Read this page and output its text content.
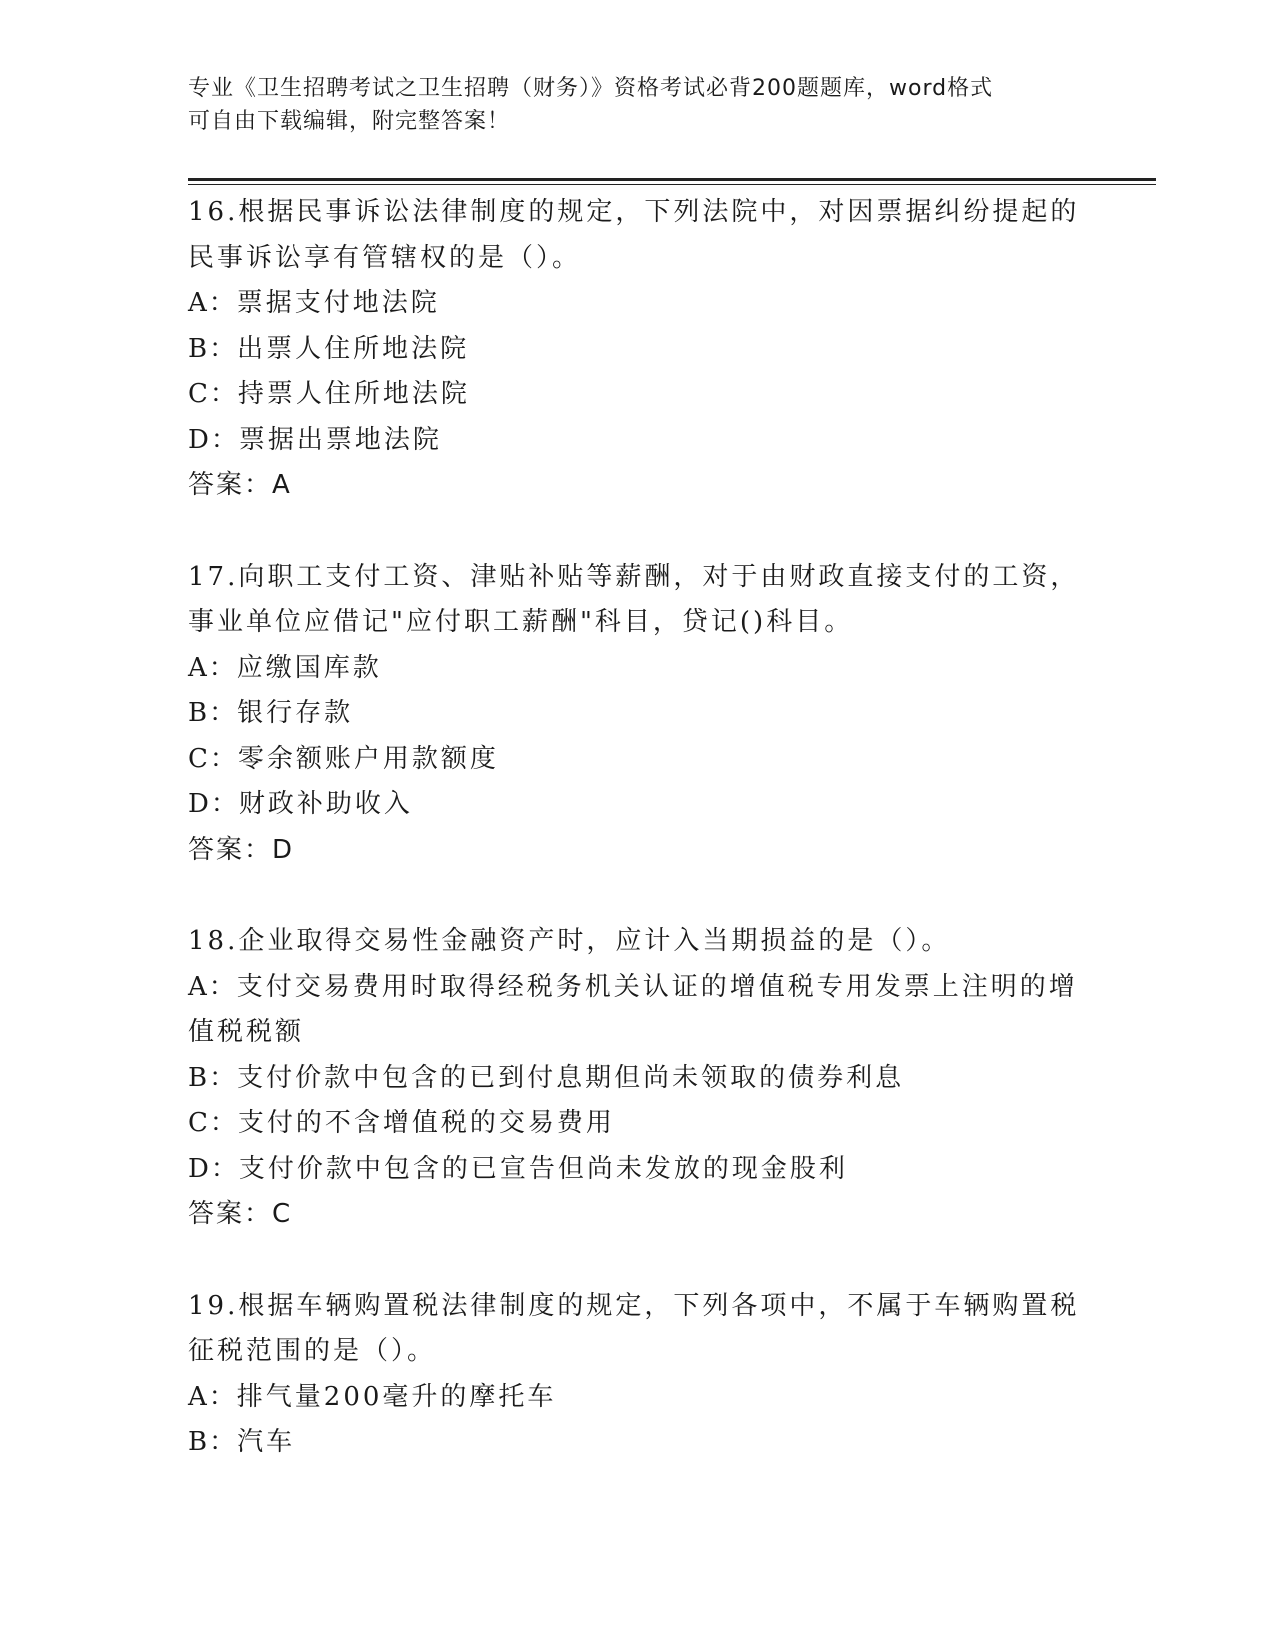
专业《卫生招聘考试之卫生招聘（财务）》资格考试必背200题题库，word格式
可自由下载编辑，附完整答案！

16.根据民事诉讼法律制度的规定，下列法院中，对因票据纠纷提起的民事诉讼享有管辖权的是（）。

A：票据支付地法院

B：出票人住所地法院

C：持票人住所地法院

D：票据出票地法院

答案：A

17.向职工支付工资、津贴补贴等薪酬，对于由财政直接支付的工资，事业单位应借记"应付职工薪酬"科目，贷记()科目。

A：应缴国库款

B：银行存款

C：零余额账户用款额度

D：财政补助收入

答案：D

18.企业取得交易性金融资产时，应计入当期损益的是（）。

A：支付交易费用时取得经税务机关认证的增值税专用发票上注明的增值税税额

B：支付价款中包含的已到付息期但尚未领取的债券利息

C：支付的不含增值税的交易费用

D：支付价款中包含的已宣告但尚未发放的现金股利

答案：C

19.根据车辆购置税法律制度的规定，下列各项中，不属于车辆购置税征税范围的是（）。

A：排气量200毫升的摩托车

B：汽车
